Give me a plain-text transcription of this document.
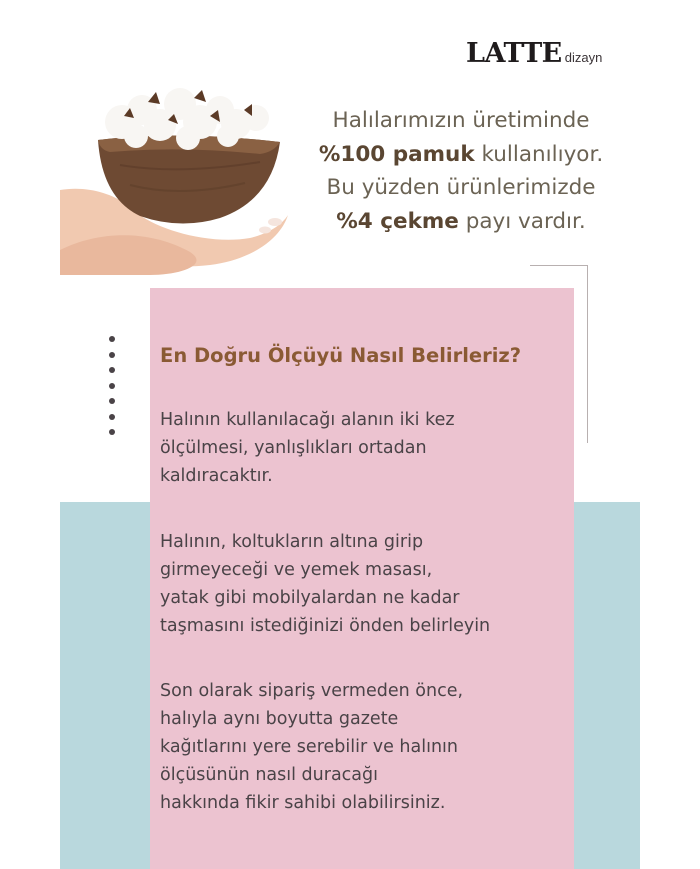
LATTE dizayn
Halılarımızın üretiminde
%100 pamuk kullanılıyor.
Bu yüzden ürünlerimizde
%4 çekme payı vardır.
En Doğru Ölçüyü Nasıl Belirleriz?
Halının kullanılacağı alanın iki kez
ölçülmesi, yanlışlıkları ortadan
kaldıracaktır.
Halının, koltukların altına girip
girmeyeceği ve yemek masası,
yatak gibi mobilyalardan ne kadar
taşmasını istediğinizi önden belirleyin
Son olarak sipariş vermeden önce,
halıyla aynı boyutta gazete
kağıtlarını yere serebilir ve halının
ölçüsünün nasıl duracağı
hakkında fikir sahibi olabilirsiniz.
